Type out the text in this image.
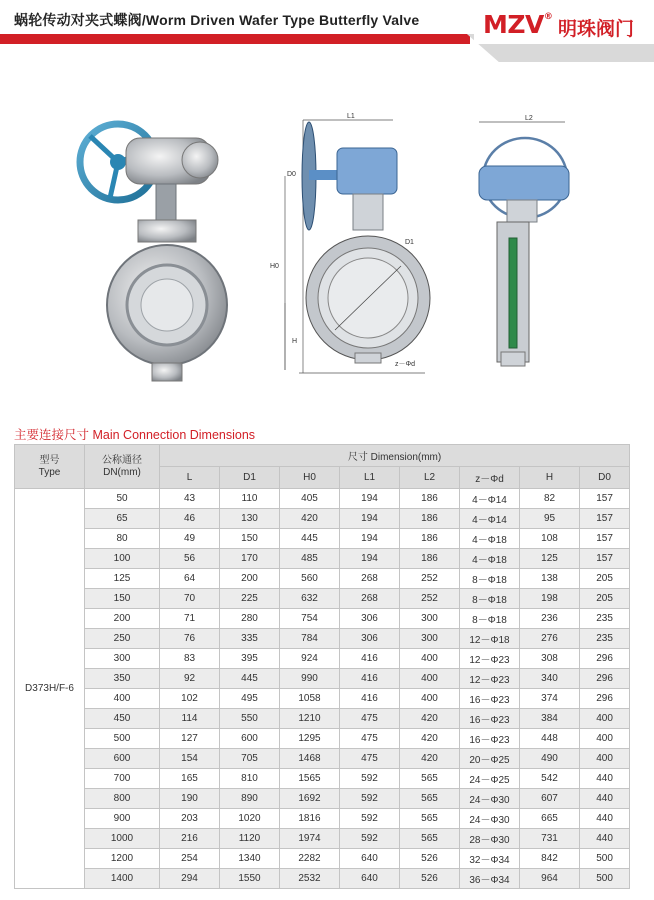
蜗轮传动对夹式蝶阀/Worm Driven Wafer Type Butterfly Valve	MZV®
明珠阀门
L1
D0
H0
H
D1
z－Φd
L2
主要连接尺寸 Main Connection Dimensions
型号
Type	公称通径
DN(mm)	尺寸 Dimension(mm)							
		L	D1	H0	L1	L2	z－Φd	H	D0
D373H/F-6	50	43	110	405	194	186	4－Φ14	82	157
	65	46	130	420	194	186	4－Φ14	95	157
	80	49	150	445	194	186	4－Φ18	108	157
	100	56	170	485	194	186	4－Φ18	125	157
	125	64	200	560	268	252	8－Φ18	138	205
	150	70	225	632	268	252	8－Φ18	198	205
	200	71	280	754	306	300	8－Φ18	236	235
	250	76	335	784	306	300	12－Φ18	276	235
	300	83	395	924	416	400	12－Φ23	308	296
	350	92	445	990	416	400	12－Φ23	340	296
	400	102	495	1058	416	400	16－Φ23	374	296
	450	114	550	1210	475	420	16－Φ23	384	400
	500	127	600	1295	475	420	16－Φ23	448	400
	600	154	705	1468	475	420	20－Φ25	490	400
	700	165	810	1565	592	565	24－Φ25	542	440
	800	190	890	1692	592	565	24－Φ30	607	440
	900	203	1020	1816	592	565	24－Φ30	665	440
	1000	216	1120	1974	592	565	28－Φ30	731	440
	1200	254	1340	2282	640	526	32－Φ34	842	500
	1400	294	1550	2532	640	526	36－Φ34	964	500
